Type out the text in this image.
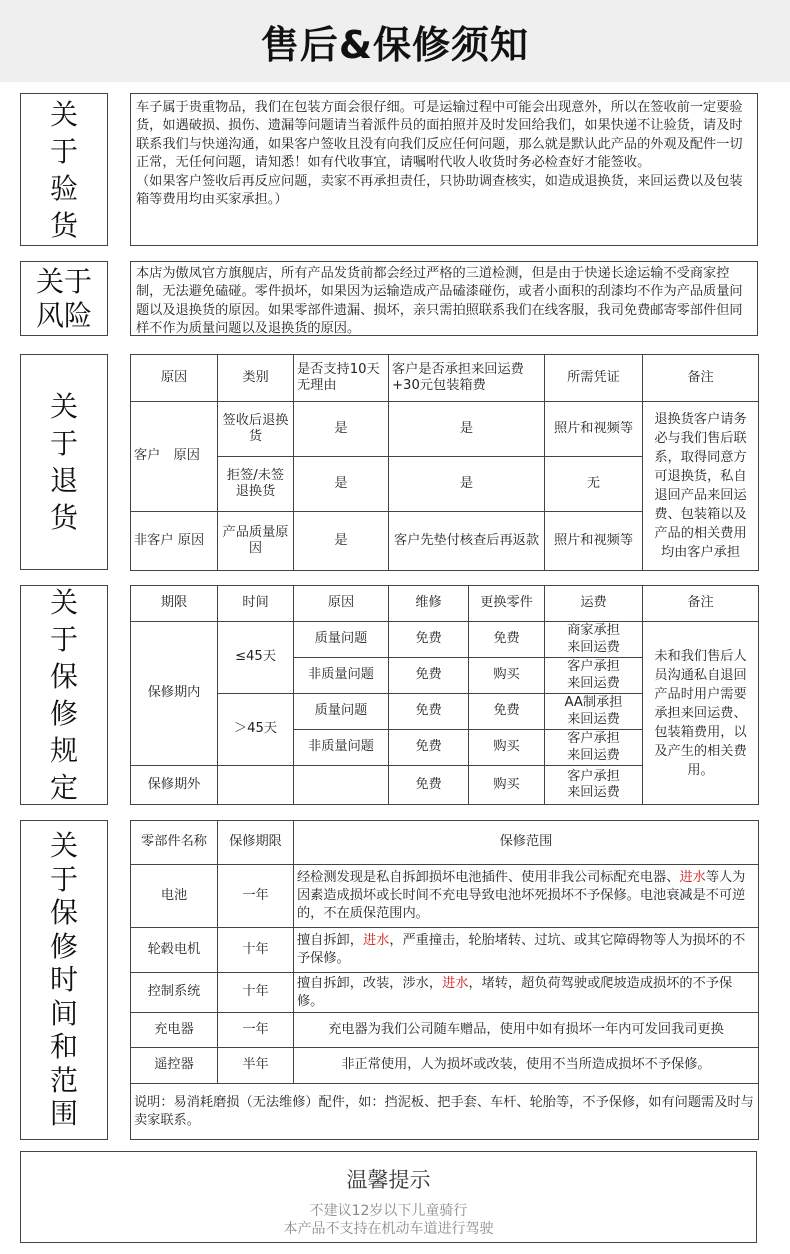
售后&保修须知
关于验货
车子属于贵重物品，我们在包装方面会很仔细。可是运输过程中可能会出现意外，所以在签收前一定要验货，如遇破损、损伤、遗漏等问题请当着派件员的面拍照并及时发回给我们，如果快递不让验货，请及时联系我们与快递沟通，如果客户签收且没有向我们反应任何问题，那么就是默认此产品的外观及配件一切正常，无任何问题，请知悉！如有代收事宜，请嘱咐代收人收货时务必检查好才能签收。
（如果客户签收后再反应问题，卖家不再承担责任，只协助调查核实，如造成退换货，来回运费以及包装箱等费用均由买家承担。）
关于风险
本店为傲凤官方旗舰店，所有产品发货前都会经过严格的三道检测，但是由于快递长途运输不受商家控制，无法避免磕碰。零件损坏，如果因为运输造成产品磕漆碰伤，或者小面积的刮漆均不作为产品质量问题以及退换货的原因。如果零部件遗漏、损坏，亲只需拍照联系我们在线客服，我司免费邮寄零部件但同样不作为质量问题以及退换货的原因。
关于退货
原因	类别	是否支持10天无理由	客户是否承担来回运费+30元包装箱费	所需凭证	备注
客户　原因	签收后退换货	是	是	照片和视频等	退换货客户请务必与我们售后联系，取得同意方可退换货，私自退回产品来回运费、包装箱以及产品的相关费用均由客户承担
	拒签/未签退换货	是	是	无	
非客户 原因	产品质量原因	是	客户先垫付核查后再返款	照片和视频等	
关于保修规定
期限	时间	原因	维修	更换零件	运费	备注
保修期内	≤45天	质量问题	免费	免费	商家承担来回运费	未和我们售后人员沟通私自退回产品时用户需要承担来回运费、包装箱费用，以及产生的相关费用。
		非质量问题	免费	购买	客户承担来回运费	
	＞45天	质量问题	免费	免费	AA制承担来回运费	
		非质量问题	免费	购买	客户承担来回运费	
保修期外			免费	购买	客户承担来回运费	
关于保修时间和范围
零部件名称	保修期限	保修范围
电池	一年	经检测发现是私自拆卸损坏电池插件、使用非我公司标配充电器、进水等人为因素造成损坏或长时间不充电导致电池坏死损坏不予保修。电池衰减是不可逆的，不在质保范围内。
轮毂电机	十年	擅自拆卸，进水，严重撞击，轮胎堵转、过坑、或其它障碍物等人为损坏的不予保修。
控制系统	十年	擅自拆卸，改装，涉水，进水，堵转，超负荷驾驶或爬坡造成损坏的不予保修。
充电器	一年	充电器为我们公司随车赠品，使用中如有损坏一年内可发回我司更换
遥控器	半年	非正常使用，人为损坏或改装，使用不当所造成损坏不予保修。
说明：易消耗磨损（无法维修）配件，如：挡泥板、把手套、车杆、轮胎等，不予保修，如有问题需及时与卖家联系。		
温馨提示
不建议12岁以下儿童骑行
本产品不支持在机动车道进行驾驶
